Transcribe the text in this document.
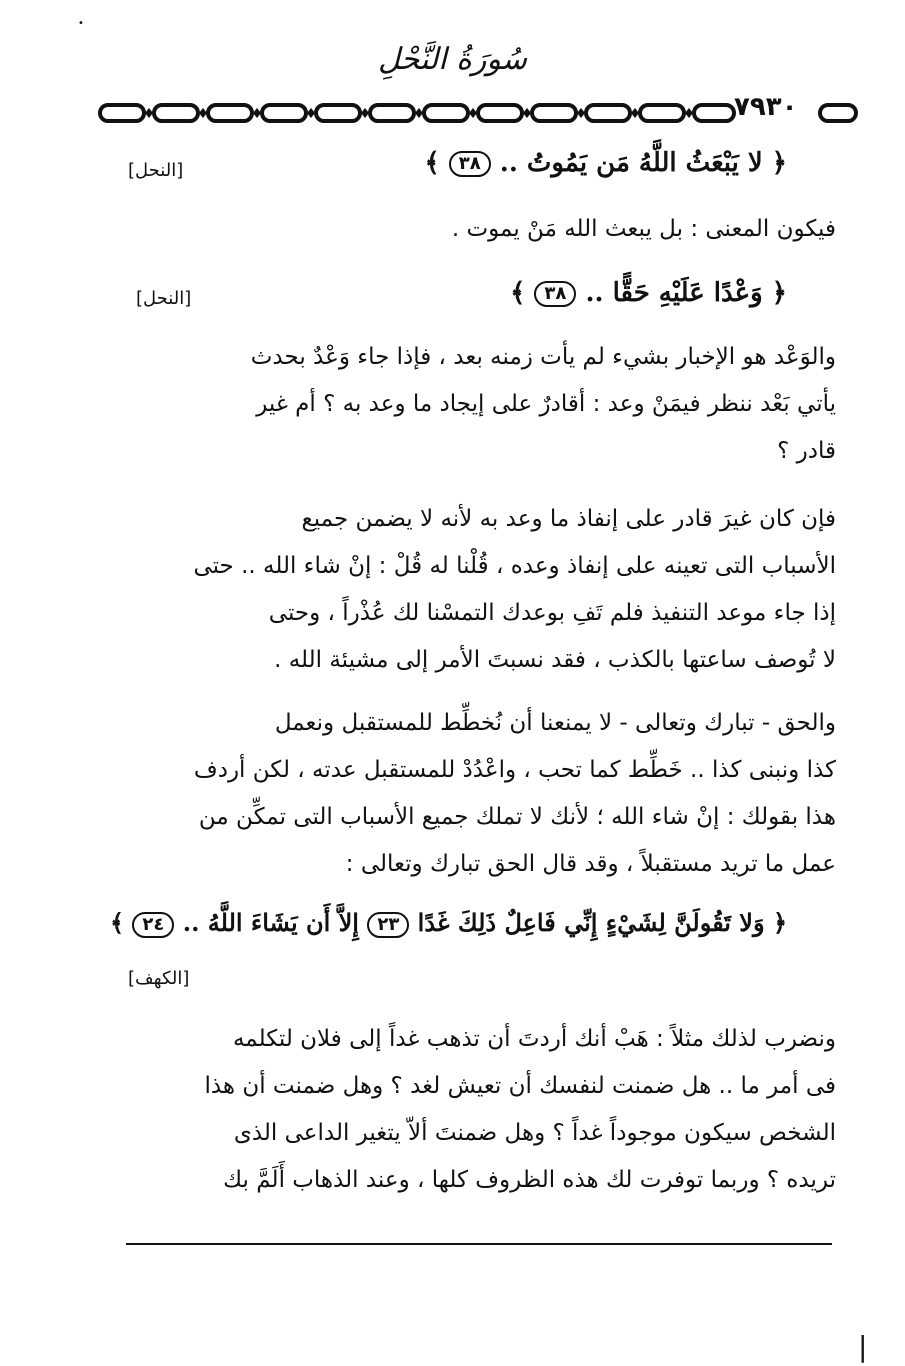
•
سُورَةُ النَّحْلِ
٧٩٣٠
﴿ لا يَبْعَثُ اللَّهُ مَن يَمُوتُ .. ٣٨ ﴾
[النحل]
فيكون المعنى : بل يبعث الله مَنْ يموت .
﴿ وَعْدًا عَلَيْهِ حَقًّا .. ٣٨ ﴾
[النحل]
والوَعْد هو الإخبار بشيء لم يأت زمنه بعد ، فإذا جاء وَعْدٌ بحدث
يأتي بَعْد ننظر فيمَنْ وعد : أقادرٌ على إيجاد ما وعد به ؟ أم غير
قادر ؟
فإن كان غيرَ قادر على إنفاذ ما وعد به لأنه لا يضمن جميع
الأسباب التى تعينه على إنفاذ وعده ، قُلْنا له قُلْ : إنْ شاء الله .. حتى
إذا جاء موعد التنفيذ فلم تَفِ بوعدك التمسْنا لك عُذْراً ، وحتى
لا تُوصف ساعتها بالكذب ، فقد نسبتَ الأمر إلى مشيئة الله .
والحق - تبارك وتعالى - لا يمنعنا أن نُخطِّط للمستقبل ونعمل
كذا ونبنى كذا .. خَطِّط كما تحب ، واعْدُدْ للمستقبل عدته ، لكن أردف
هذا بقولك : إنْ شاء الله ؛ لأنك لا تملك جميع الأسباب التى تمكِّن من
عمل ما تريد مستقبلاً ، وقد قال الحق تبارك وتعالى :
﴿ وَلا تَقُولَنَّ لِشَيْءٍ إِنِّي فَاعِلٌ ذَلِكَ غَدًا ٢٣ إِلاَّ أَن يَشَاءَ اللَّهُ .. ٢٤ ﴾
[الكهف]
ونضرب لذلك مثلاً : هَبْ أنك أردتَ أن تذهب غداً إلى فلان لتكلمه
فى أمر ما .. هل ضمنت لنفسك أن تعيش لغد ؟ وهل ضمنت أن هذا
الشخص سيكون موجوداً غداً ؟ وهل ضمنتَ ألاّ يتغير الداعى الذى
تريده ؟ وربما توفرت لك هذه الظروف كلها ، وعند الذهاب أَلَمَّ بك
|
